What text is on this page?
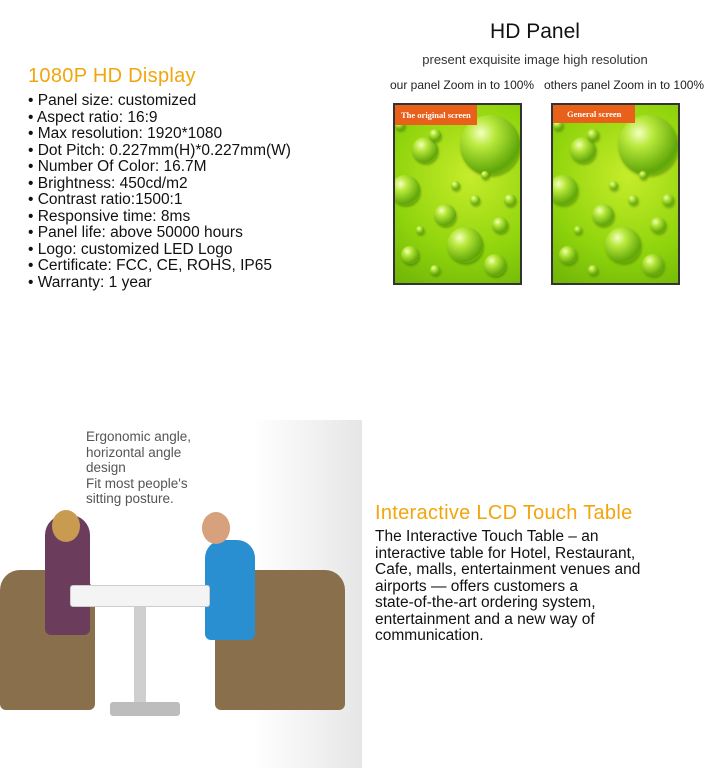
1080P HD Display
• Panel size: customized
• Aspect ratio: 16:9
• Max resolution: 1920*1080
• Dot Pitch: 0.227mm(H)*0.227mm(W)
• Number Of Color: 16.7M
• Brightness: 450cd/m2
• Contrast ratio:1500:1
• Responsive time: 8ms
• Panel life: above 50000 hours
• Logo: customized LED Logo
• Certificate: FCC, CE, ROHS, IP65
• Warranty: 1 year
HD Panel
present exquisite image high resolution
our panel Zoom in to 100% others panel Zoom in to 100%
The original screen	General screen
Ergonomic angle,
horizontal angle
design
Fit most people's
sitting posture.
Interactive LCD Touch Table
The Interactive Touch Table – an
interactive table for Hotel, Restaurant,
Cafe, malls, entertainment venues and
airports — offers customers a
state-of-the-art ordering system,
entertainment and a new way of
communication.
